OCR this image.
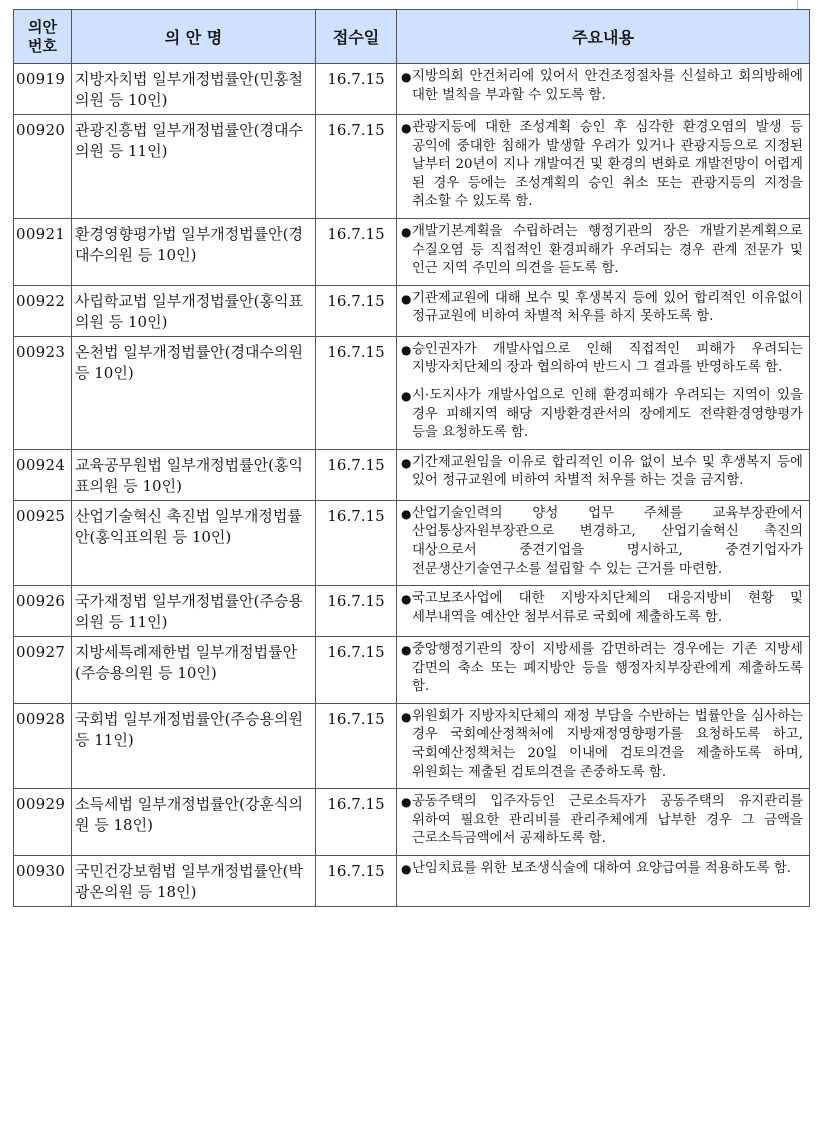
의안
번호	의 안 명	접수일	주요내용
00919	지방자치법 일부개정법률안(민홍철의원 등 10인)	16.7.15	● 지방의회 안건처리에 있어서 안건조정절차를 신설하고 회의방해에 대한 벌칙을 부과할 수 있도록 함.

00920	관광진흥법 일부개정법률안(경대수의원 등 11인)	16.7.15	● 관광지등에 대한 조성계획 승인 후 심각한 환경오염의 발생 등 공익에 중대한 침해가 발생할 우려가 있거나 관광지등으로 지정된 날부터 20년이 지나 개발여건 및 환경의 변화로 개발전망이 어렵게 된 경우 등에는 조성계획의 승인 취소 또는 관광지등의 지정을 취소할 수 있도록 함.

00921	환경영향평가법 일부개정법률안(경대수의원 등 10인)	16.7.15	● 개발기본계획을 수립하려는 행정기관의 장은 개발기본계획으로 수질오염 등 직접적인 환경피해가 우려되는 경우 관계 전문가 및 인근 지역 주민의 의견을 듣도록 함.

00922	사립학교법 일부개정법률안(홍익표의원 등 10인)	16.7.15	● 기관제교원에 대해 보수 및 후생복지 등에 있어 합리적인 이유없이 정규교원에 비하여 차별적 처우를 하지 못하도록 함.

00923	온천법 일부개정법률안(경대수의원 등 10인)	16.7.15	● 승인권자가 개발사업으로 인해 직접적인 피해가 우려되는 지방자치단체의 장과 협의하여 반드시 그 결과를 반영하도록 함.
● 시·도지사가 개발사업으로 인해 환경피해가 우려되는 지역이 있을 경우 피해지역 해당 지방환경관서의 장에게도 전략환경영향평가 등을 요청하도록 함.

00924	교육공무원법 일부개정법률안(홍익표의원 등 10인)	16.7.15	● 기간제교원임을 이유로 합리적인 이유 없이 보수 및 후생복지 등에 있어 정규교원에 비하여 차별적 처우를 하는 것을 금지함.

00925	산업기술혁신 촉진법 일부개정법률안(홍익표의원 등 10인)	16.7.15	● 산업기술인력의 양성 업무 주체를 교육부장관에서 산업통상자원부장관으로 변경하고, 산업기술혁신 촉진의 대상으로서 중견기업을 명시하고, 중견기업자가 전문생산기술연구소를 설립할 수 있는 근거를 마련함.

00926	국가재정법 일부개정법률안(주승용의원 등 11인)	16.7.15	● 국고보조사업에 대한 지방자치단체의 대응지방비 현황 및 세부내역을 예산안 첨부서류로 국회에 제출하도록 함.

00927	지방세특례제한법 일부개정법률안(주승용의원 등 10인)	16.7.15	● 중앙행정기관의 장이 지방세를 감면하려는 경우에는 기존 지방세 감면의 축소 또는 폐지방안 등을 행정자치부장관에게 제출하도록 함.

00928	국회법 일부개정법률안(주승용의원 등 11인)	16.7.15	● 위원회가 지방자치단체의 재정 부담을 수반하는 법률안을 심사하는 경우 국회예산정책처에 지방재정영향평가를 요청하도록 하고, 국회예산정책처는 20일 이내에 검토의견을 제출하도록 하며, 위원회는 제출된 검토의견을 존중하도록 함.

00929	소득세법 일부개정법률안(강훈식의원 등 18인)	16.7.15	● 공동주택의 입주자등인 근로소득자가 공동주택의 유지관리를 위하여 필요한 관리비를 관리주체에게 납부한 경우 그 금액을 근로소득금액에서 공제하도록 함.

00930	국민건강보험법 일부개정법률안(박광온의원 등 18인)	16.7.15	● 난임치료를 위한 보조생식술에 대하여 요양급여를 적용하도록 함.
